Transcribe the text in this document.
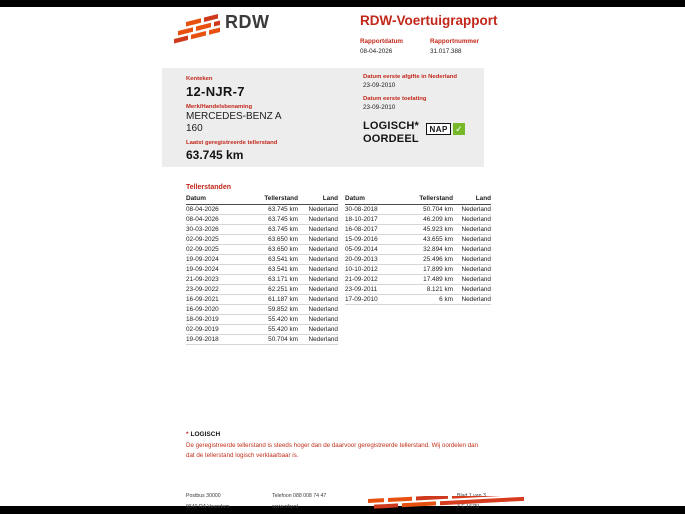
RDW	RDW-Voertuigrapport
Rapportdatum
08-04-2026
Rapportnummer
31.017.388
Kenteken
12-NJR-7
Merk/Handelsbenaming
MERCEDES-BENZ A
160
Laatst geregistreerde tellerstand
63.745 km
Datum eerste afgifte in Nederland
23-09-2010
Datum eerste toelating
23-09-2010
LOGISCH*
OORDEEL
NAP ✓
Tellerstanden
Datum	Tellerstand	Land
08-04-2026	63.745 km	Nederland
08-04-2026	63.745 km	Nederland
30-03-2026	63.745 km	Nederland
02-09-2025	63.650 km	Nederland
02-09-2025	63.650 km	Nederland
19-09-2024	63.541 km	Nederland
19-09-2024	63.541 km	Nederland
21-09-2023	63.171 km	Nederland
23-09-2022	62.251 km	Nederland
16-09-2021	61.187 km	Nederland
16-09-2020	59.852 km	Nederland
18-09-2019	55.420 km	Nederland
02-09-2019	55.420 km	Nederland
19-09-2018	50.704 km	Nederland
Datum	Tellerstand	Land
30-08-2018	50.704 km	Nederland
18-10-2017	46.209 km	Nederland
16-08-2017	45.923 km	Nederland
15-09-2016	43.655 km	Nederland
05-09-2014	32.894 km	Nederland
20-09-2013	25.496 km	Nederland
10-10-2012	17.899 km	Nederland
21-09-2012	17.489 km	Nederland
23-09-2011	8.121 km	Nederland
17-09-2010	6 km	Nederland
* LOGISCH

De geregistreerde tellerstand is steeds hoger dan de daarvoor geregistreerde tellerstand. Wij oordelen dan dat de tellerstand logisch verklaarbaar is.

Postbus 30000
9640 RA Veendam
Telefoon 088 008 74 47
www.rdw.nl	3 E 1675I
